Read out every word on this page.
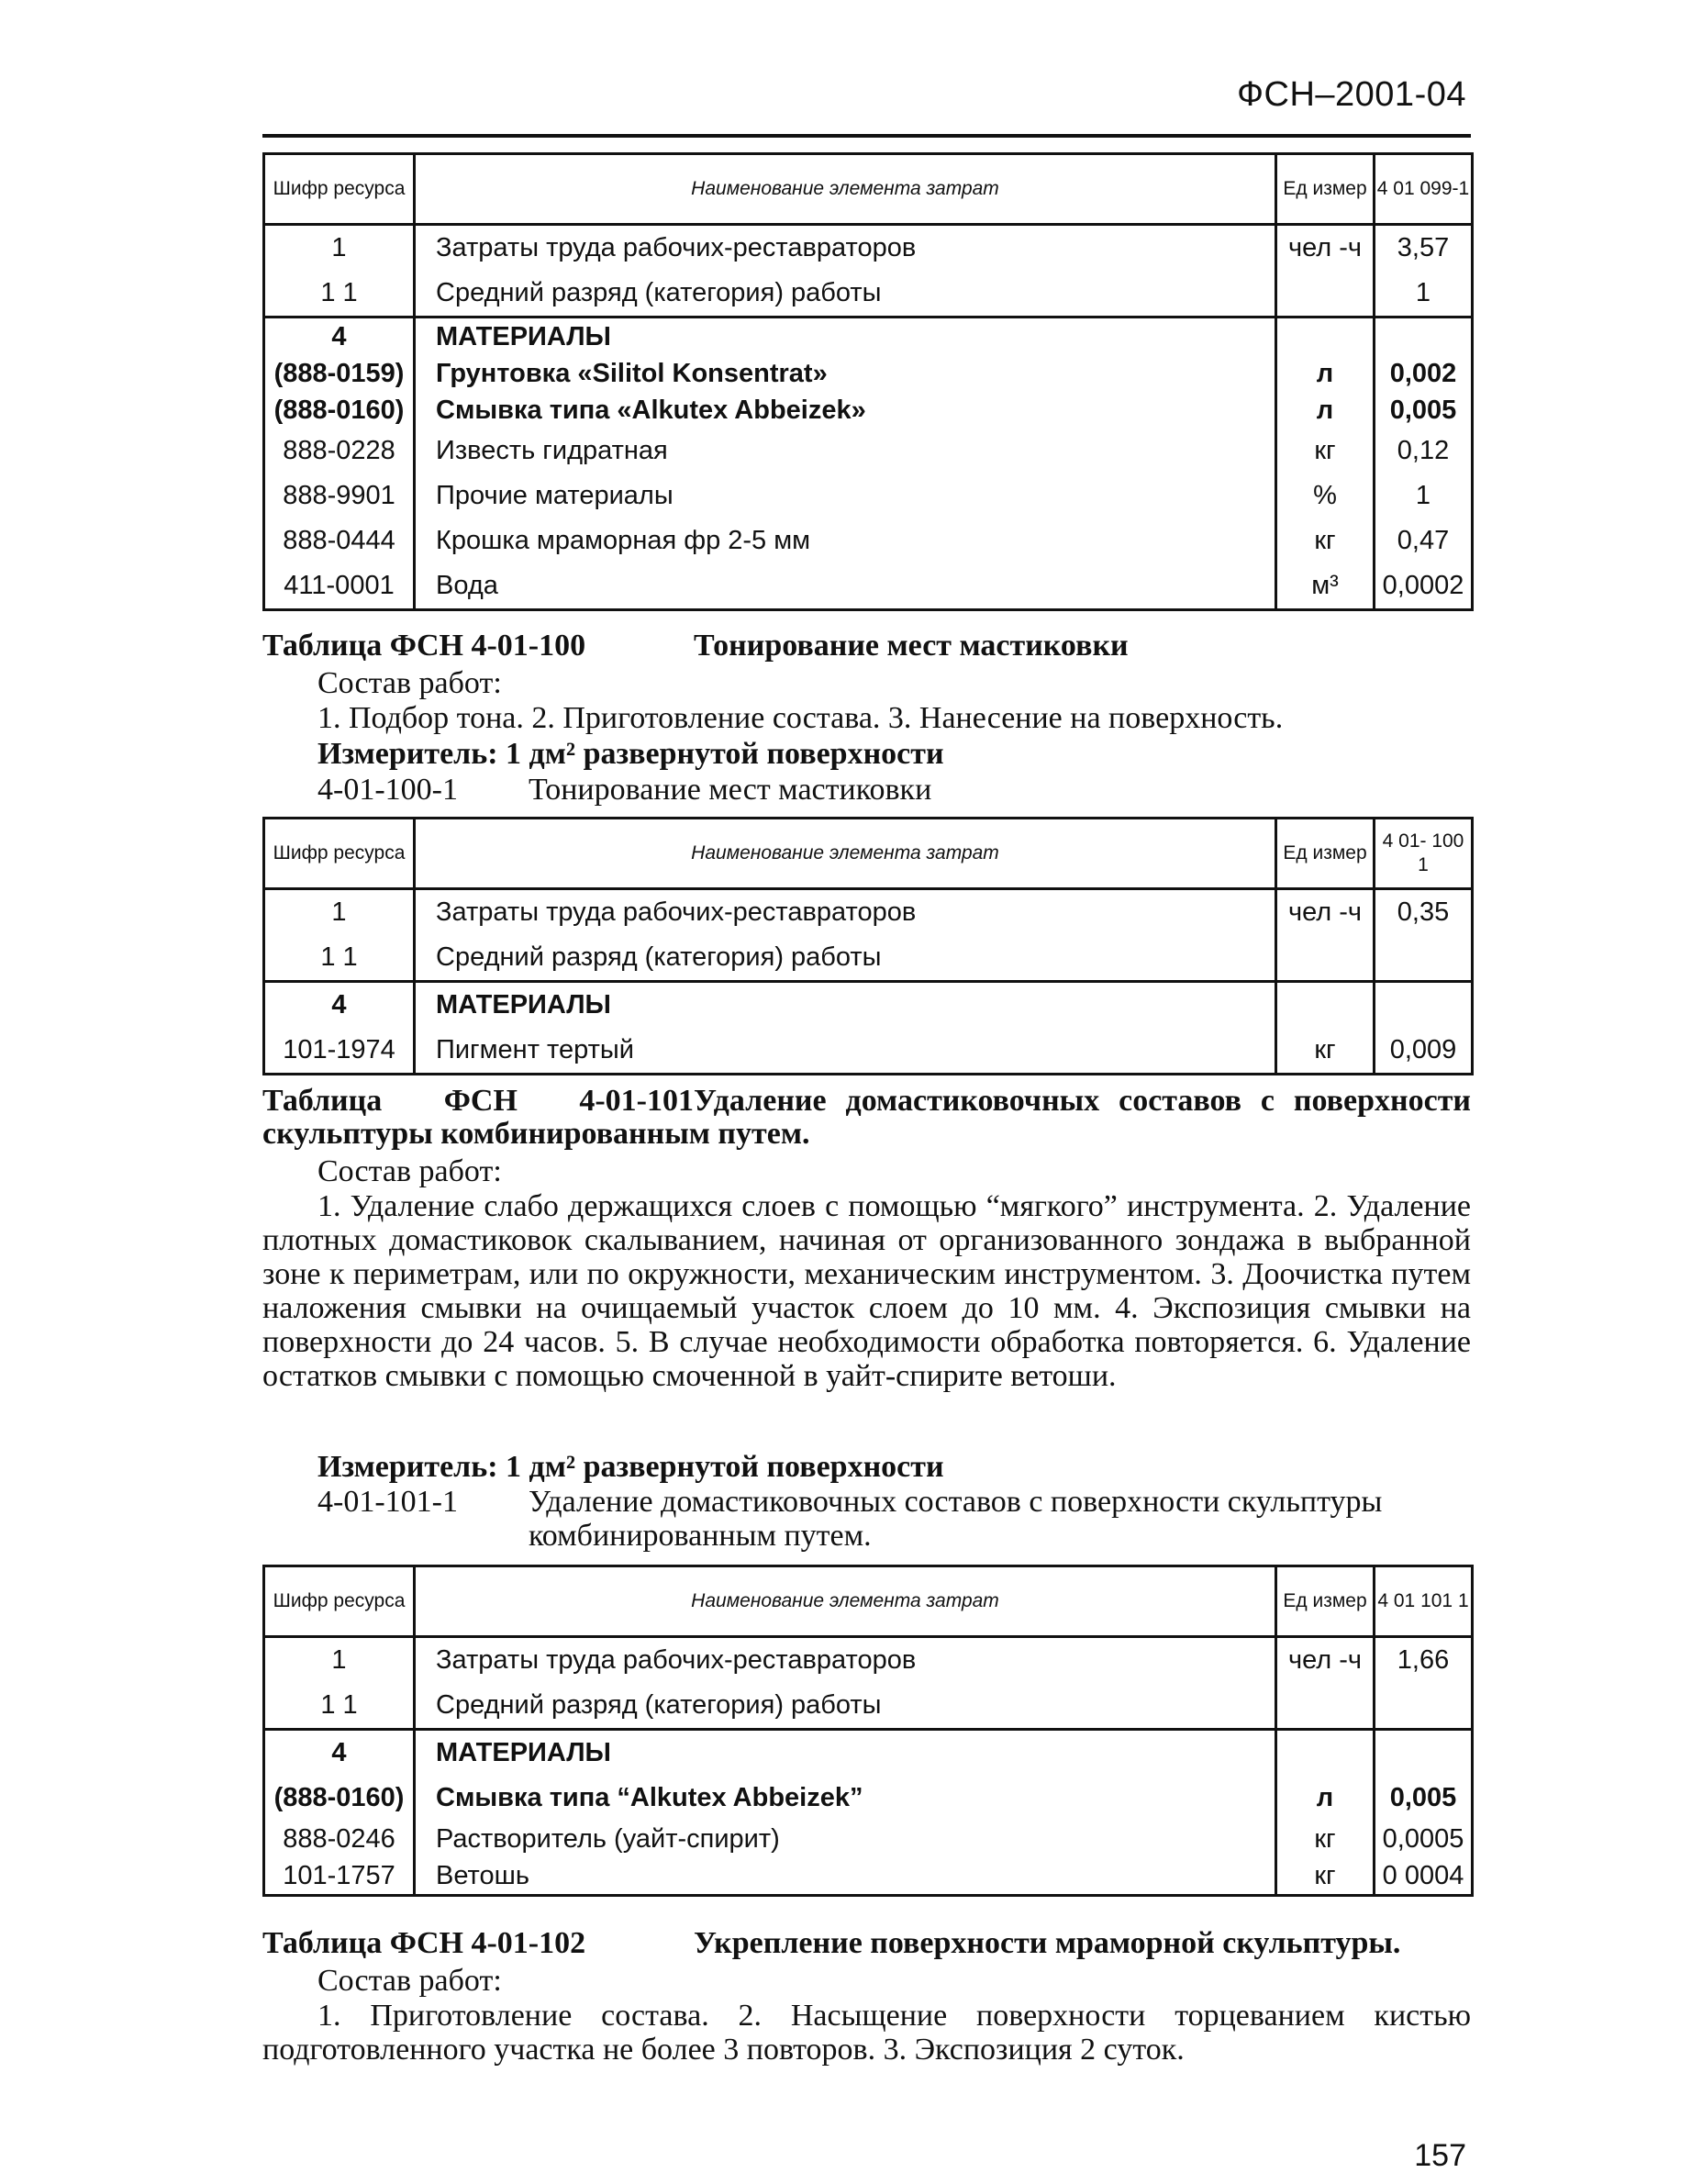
ФСН–2001-04
Шифр ресурса	Наименование элемента затрат	Ед измер	4 01 099-1
1	Затраты труда рабочих-реставраторов	чел -ч	3,57
1 1	Средний разряд (категория) работы		1
4	МАТЕРИАЛЫ		
(888-0159)	Грунтовка «Silitol Konsentrat»	л	0,002
(888-0160)	Смывка типа «Alkutex Abbeizek»	л	0,005
888-0228	Известь гидратная	кг	0,12
888-9901	Прочие материалы	%	1
888-0444	Крошка мраморная фр 2-5 мм	кг	0,47
411-0001	Вода	м³	0,0002
Таблица ФСН 4-01-100	Тонирование мест мастиковки
Состав работ:
1. Подбор тона. 2. Приготовление состава. 3. Нанесение на поверхность.
Измеритель: 1 дм² развернутой поверхности
4-01-100-1 Тонирование мест мастиковки
Шифр ресурса	Наименование элемента затрат	Ед измер	4 01- 100 1
1	Затраты труда рабочих-реставраторов	чел -ч	0,35
1 1	Средний разряд (категория) работы		
4	МАТЕРИАЛЫ		
101-1974	Пигмент тертый	кг	0,009
Таблица ФСН 4-01-101Удаление домастиковочных составов с поверхности
скульптуры комбинированным путем.
Состав работ:
1. Удаление слабо держащихся слоев с помощью “мягкого” инструмента. 2. Удаление плотных домастиковок скалыванием, начиная от организованного зондажа в выбранной зоне к периметрам, или по окружности, механическим инструментом. 3. Доочистка путем наложения смывки на очищаемый участок слоем до 10 мм. 4. Экспозиция смывки на поверхности до 24 часов. 5. В случае необходимости обработка повторяется. 6. Удаление остатков смывки с помощью смоченной в уайт-спирите ветоши.
Измеритель: 1 дм² развернутой поверхности
4-01-101-1 Удаление домастиковочных составов с поверхности скульптуры комбинированным путем.
Шифр ресурса	Наименование элемента затрат	Ед измер	4 01 101 1
1	Затраты труда рабочих-реставраторов	чел -ч	1,66
1 1	Средний разряд (категория) работы		
4	МАТЕРИАЛЫ		
(888-0160)	Смывка типа “Alkutex Abbeizek”	л	0,005
888-0246	Растворитель (уайт-спирит)	кг	0,0005
101-1757	Ветошь	кг	0 0004
Таблица ФСН 4-01-102	Укрепление поверхности мраморной скульптуры.
Состав работ:
1. Приготовление состава. 2. Насыщение поверхности торцеванием кистью подготовленного участка не более 3 повторов. 3. Экспозиция 2 суток.
157
